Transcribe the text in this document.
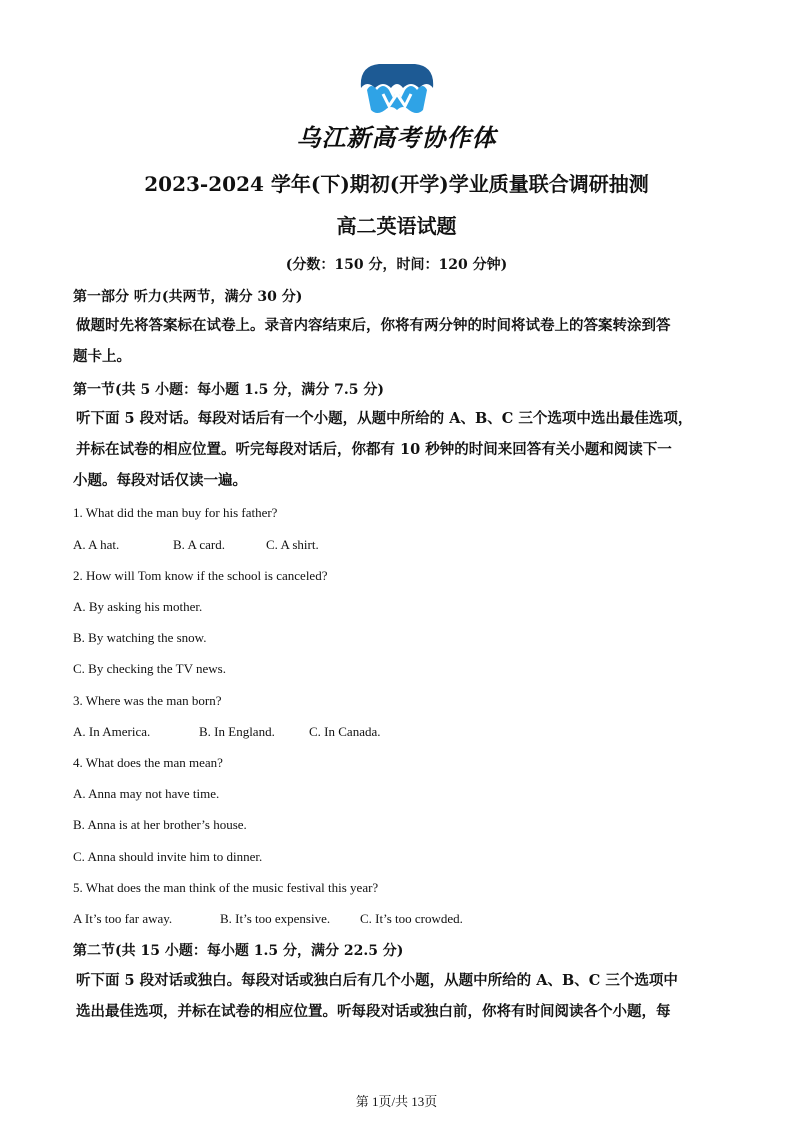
乌江新高考协作体
2023-2024 学年(下)期初(开学)学业质量联合调研抽测
高二英语试题
(分数：150 分，时间：120 分钟)
第一部分 听力(共两节，满分 30 分)
做题时先将答案标在试卷上。录音内容结束后，你将有两分钟的时间将试卷上的答案转涂到答
题卡上。
第一节(共 5 小题：每小题 1.5 分，满分 7.5 分)
听下面 5 段对话。每段对话后有一个小题，从题中所给的 A、B、C 三个选项中选出最佳选项，
并标在试卷的相应位置。听完每段对话后，你都有 10 秒钟的时间来回答有关小题和阅读下一
小题。每段对话仅读一遍。
1. What did the man buy for his father?
A. A hat.	B. A card.	C. A shirt.
2. How will Tom know if the school is canceled?
A. By asking his mother.
B. By watching the snow.
C. By checking the TV news.
3. Where was the man born?
A. In America.	B. In England.	C. In Canada.
4. What does the man mean?
A. Anna may not have time.
B. Anna is at her brother’s house.
C. Anna should invite him to dinner.
5. What does the man think of the music festival this year?
A It’s too far away.	B. It’s too expensive. C. It’s too crowded.
第二节(共 15 小题：每小题 1.5 分，满分 22.5 分)
听下面 5 段对话或独白。每段对话或独白后有几个小题，从题中所给的 A、B、C 三个选项中
选出最佳选项，并标在试卷的相应位置。听每段对话或独白前，你将有时间阅读各个小题，每
第 1页/共 13页
